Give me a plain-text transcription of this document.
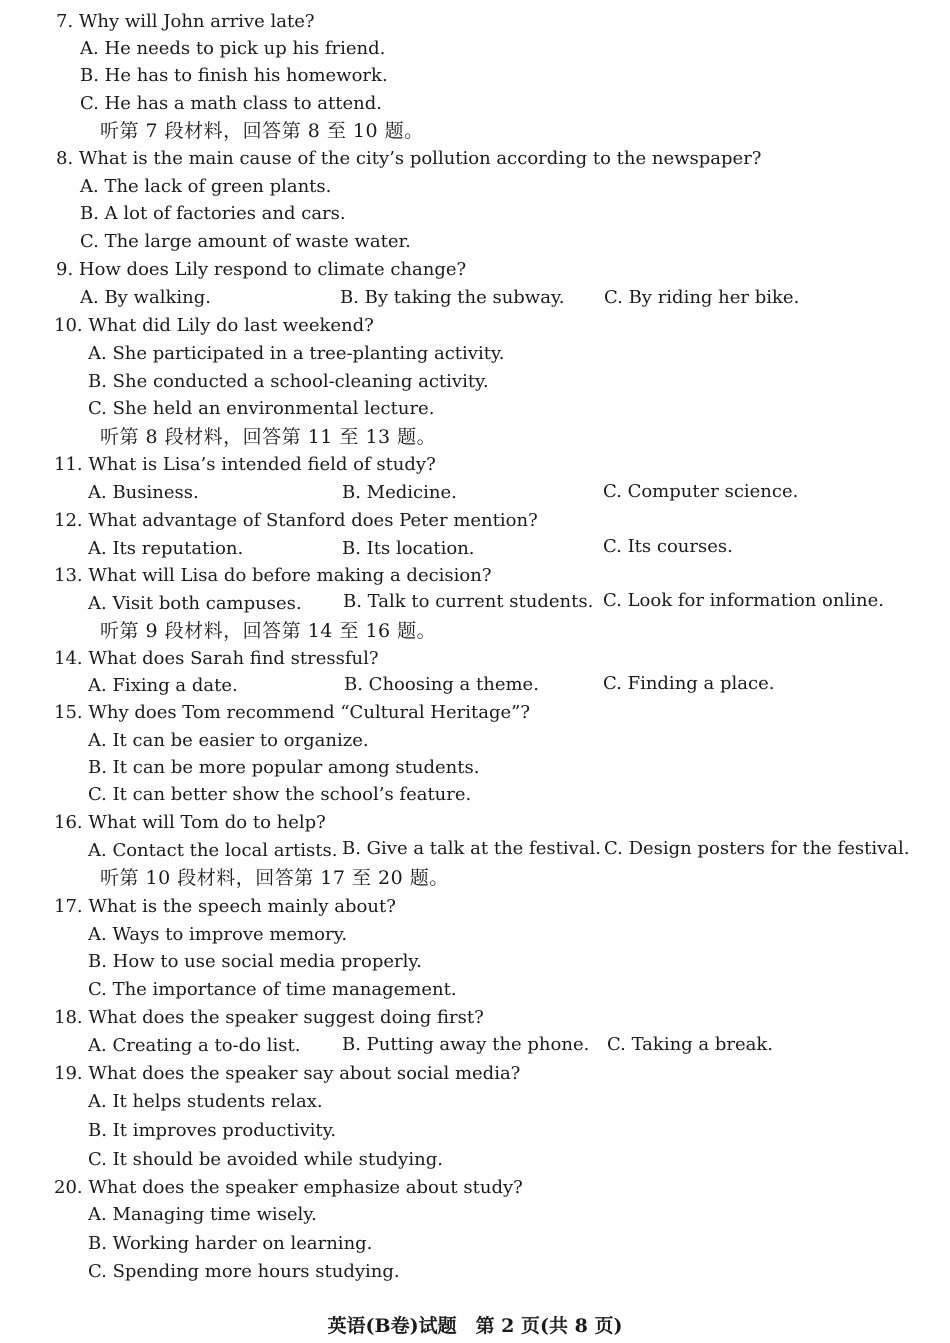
7. Why will John arrive late?
A. He needs to pick up his friend.
B. He has to finish his homework.
C. He has a math class to attend.
听第 7 段材料，回答第 8 至 10 题。
8. What is the main cause of the city’s pollution according to the newspaper?
A. The lack of green plants.
B. A lot of factories and cars.
C. The large amount of waste water.
9. How does Lily respond to climate change?
A. By walking.	B. By taking the subway. C. By riding her bike.
10. What did Lily do last weekend?
A. She participated in a tree-planting activity.
B. She conducted a school-cleaning activity.
C. She held an environmental lecture.
听第 8 段材料，回答第 11 至 13 题。
11. What is Lisa’s intended field of study?
A. Business.	B. Medicine.	C. Computer science.
12. What advantage of Stanford does Peter mention?
A. Its reputation.	B. Its location.	C. Its courses.
13. What will Lisa do before making a decision?
A. Visit both campuses. B. Talk to current students. C. Look for information online.
听第 9 段材料，回答第 14 至 16 题。
14. What does Sarah find stressful?
A. Fixing a date.	B. Choosing a theme.	C. Finding a place.
15. Why does Tom recommend “Cultural Heritage”?
A. It can be easier to organize.
B. It can be more popular among students.
C. It can better show the school’s feature.
16. What will Tom do to help?
A. Contact the local artists. B. Give a talk at the festival. C. Design posters for the festival.
听第 10 段材料，回答第 17 至 20 题。
17. What is the speech mainly about?
A. Ways to improve memory.
B. How to use social media properly.
C. The importance of time management.
18. What does the speaker suggest doing first?
A. Creating a to-do list. B. Putting away the phone. C. Taking a break.
19. What does the speaker say about social media?
A. It helps students relax.
B. It improves productivity.
C. It should be avoided while studying.
20. What does the speaker emphasize about study?
A. Managing time wisely.
B. Working harder on learning.
C. Spending more hours studying.
英语(B卷)试题　第 2 页(共 8 页)
